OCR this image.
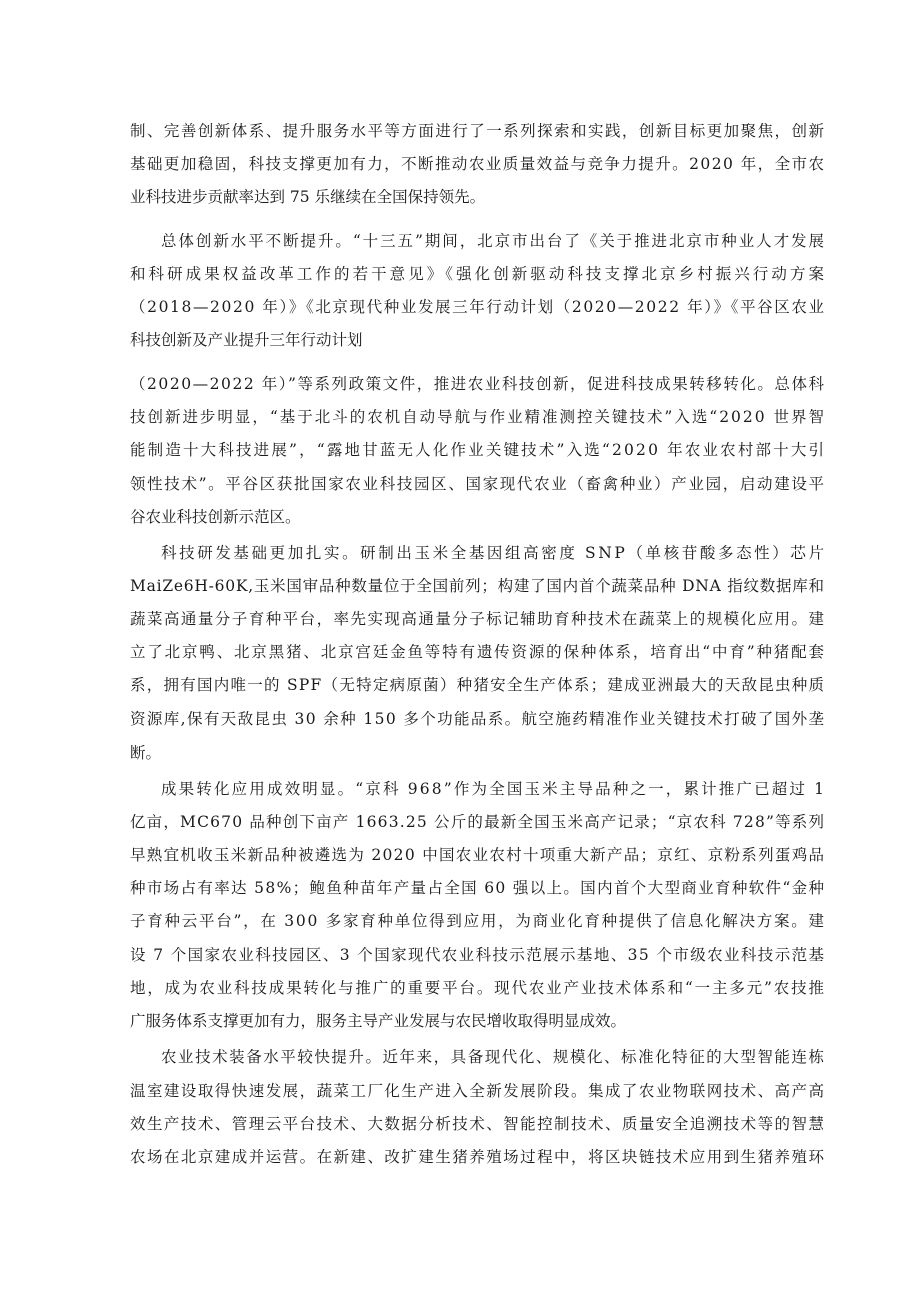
制、完善创新体系、提升服务水平等方面进行了一系列探索和实践，创新目标更加聚焦，创新
基础更加稳固，科技支撑更加有力，不断推动农业质量效益与竞争力提升。2020 年，全市农
业科技进步贡献率达到 75 乐继续在全国保持领先。
总体创新水平不断提升。“十三五”期间，北京市出台了《关于推进北京市种业人才发展
和科研成果权益改革工作的若干意见》《强化创新驱动科技支撑北京乡村振兴行动方案
（2018—2020 年）》《北京现代种业发展三年行动计划（2020—2022 年）》《平谷区农业
科技创新及产业提升三年行动计划
（2020—2022 年）”等系列政策文件，推进农业科技创新，促进科技成果转移转化。总体科
技创新进步明显，“基于北斗的农机自动导航与作业精准测控关键技术”入选“2020 世界智
能制造十大科技进展”，“露地甘蓝无人化作业关键技术”入选“2020 年农业农村部十大引
领性技术”。平谷区获批国家农业科技园区、国家现代农业（畜禽种业）产业园，启动建设平
谷农业科技创新示范区。
科技研发基础更加扎实。研制出玉米全基因组高密度 SNP（单核苷酸多态性）芯片
MaiZe6H-60K,玉米国审品种数量位于全国前列；构建了国内首个蔬菜品种 DNA 指纹数据库和
蔬菜高通量分子育种平台，率先实现高通量分子标记辅助育种技术在蔬菜上的规模化应用。建
立了北京鸭、北京黑猪、北京宫廷金鱼等特有遗传资源的保种体系，培育出“中育”种猪配套
系，拥有国内唯一的 SPF（无特定病原菌）种猪安全生产体系；建成亚洲最大的天敌昆虫种质
资源库,保有天敌昆虫 30 余种 150 多个功能品系。航空施药精准作业关键技术打破了国外垄
断。
成果转化应用成效明显。“京科 968”作为全国玉米主导品种之一，累计推广已超过 1
亿亩，MC670 品种创下亩产 1663.25 公斤的最新全国玉米高产记录；“京农科 728”等系列
早熟宜机收玉米新品种被遴选为 2020 中国农业农村十项重大新产品；京红、京粉系列蛋鸡品
种市场占有率达 58%；鲍鱼种苗年产量占全国 60 强以上。国内首个大型商业育种软件“金种
子育种云平台”，在 300 多家育种单位得到应用，为商业化育种提供了信息化解决方案。建
设 7 个国家农业科技园区、3 个国家现代农业科技示范展示基地、35 个市级农业科技示范基
地，成为农业科技成果转化与推广的重要平台。现代农业产业技术体系和“一主多元”农技推
广服务体系支撑更加有力，服务主导产业发展与农民增收取得明显成效。
农业技术装备水平较快提升。近年来，具备现代化、规模化、标准化特征的大型智能连栋
温室建设取得快速发展，蔬菜工厂化生产进入全新发展阶段。集成了农业物联网技术、高产高
效生产技术、管理云平台技术、大数据分析技术、智能控制技术、质量安全追溯技术等的智慧
农场在北京建成并运营。在新建、改扩建生猪养殖场过程中，将区块链技术应用到生猪养殖环
